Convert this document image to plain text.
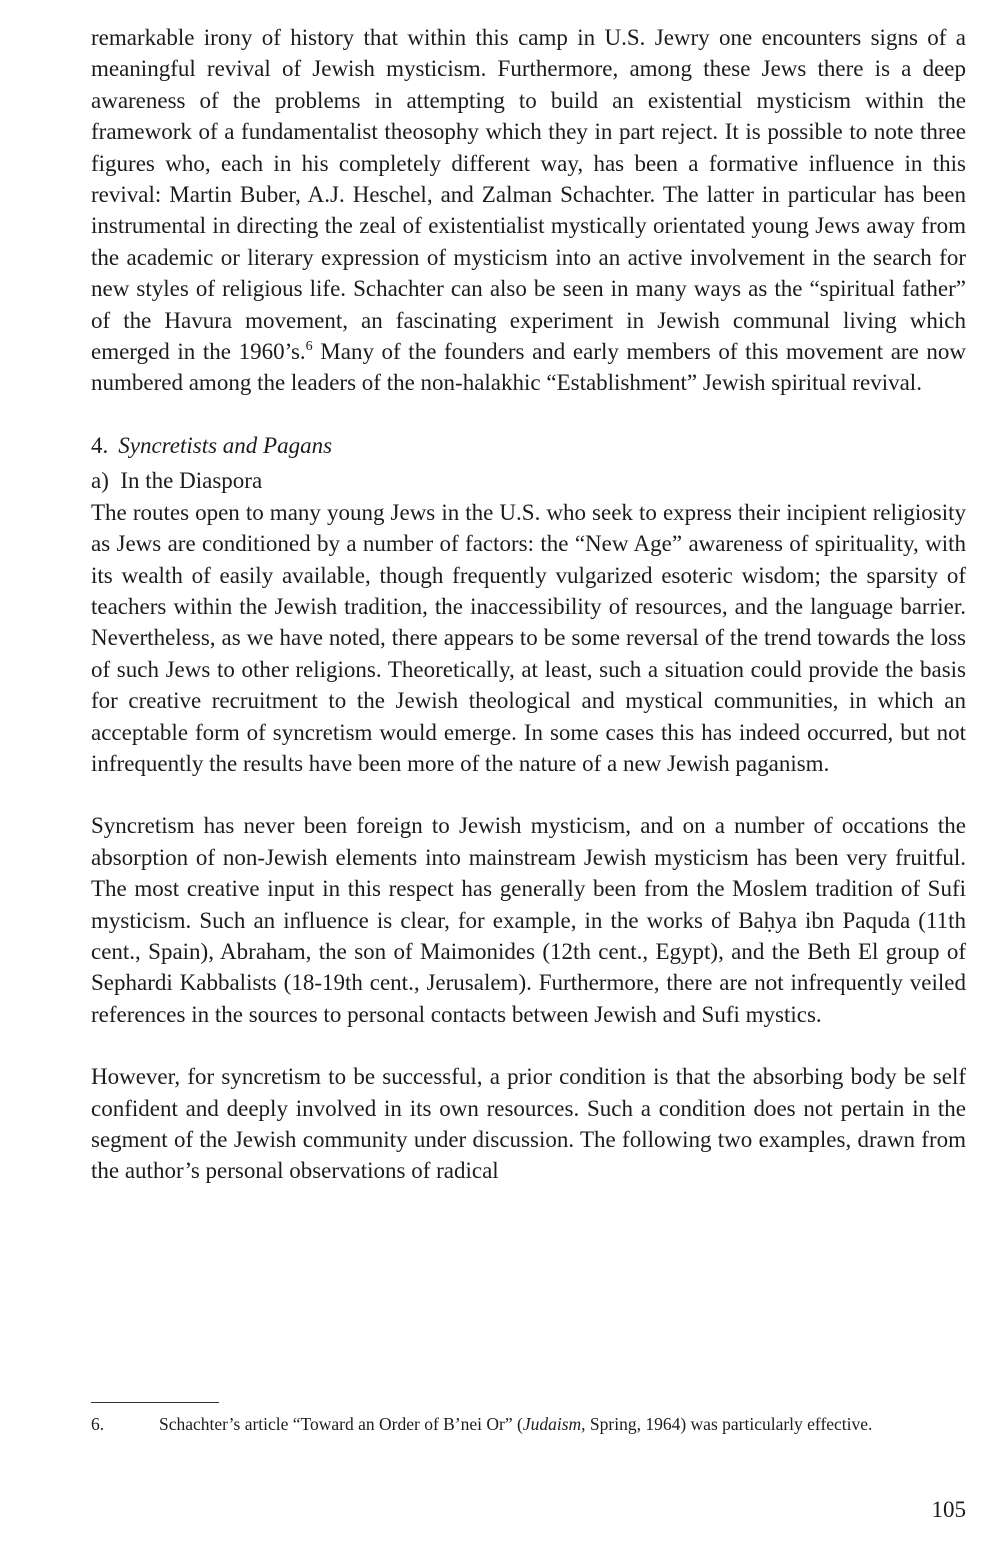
remarkable irony of history that within this camp in U.S. Jewry one encounters signs of a meaningful revival of Jewish mysticism. Furthermore, among these Jews there is a deep awareness of the problems in attempting to build an existential mysticism within the framework of a fundamentalist theosophy which they in part reject. It is possible to note three figures who, each in his completely different way, has been a formative influence in this revival: Martin Buber, A.J. Heschel, and Zalman Schachter. The latter in particular has been instrumental in directing the zeal of existentialist mystically orientated young Jews away from the academic or literary expression of mysticism into an active involvement in the search for new styles of religious life. Schachter can also be seen in many ways as the “spiritual father” of the Havura movement, an fascinating experiment in Jewish communal living which emerged in the 1960’s.$^6$ Many of the founders and early members of this movement are now numbered among the leaders of the non-halakhic “Establishment” Jewish spiritual revival.

4. Syncretists and Pagans

a)  In the Diaspora

The routes open to many young Jews in the U.S. who seek to express their incipient religiosity as Jews are conditioned by a number of factors: the “New Age” awareness of spirituality, with its wealth of easily available, though frequently vulgarized esoteric wisdom; the sparsity of teachers within the Jewish tradition, the inaccessibility of resources, and the language barrier. Nevertheless, as we have noted, there appears to be some reversal of the trend towards the loss of such Jews to other religions. Theoretically, at least, such a situation could provide the basis for creative recruitment to the Jewish theological and mystical communities, in which an acceptable form of syncretism would emerge. In some cases this has indeed occurred, but not infrequently the results have been more of the nature of a new Jewish paganism.

Syncretism has never been foreign to Jewish mysticism, and on a number of occations the absorption of non-Jewish elements into mainstream Jewish mysticism has been very fruitful. The most creative input in this respect has generally been from the Moslem tradition of Sufi mysticism. Such an influence is clear, for example, in the works of Baḥya ibn Paquda (11th cent., Spain), Abraham, the son of Maimonides (12th cent., Egypt), and the Beth El group of Sephardi Kabbalists (18-19th cent., Jerusalem). Furthermore, there are not infrequently veiled references in the sources to personal contacts between Jewish and Sufi mystics.

However, for syncretism to be successful, a prior condition is that the absorbing body be self confident and deeply involved in its own resources. Such a condition does not pertain in the segment of the Jewish community under discussion. The following two examples, drawn from the author’s personal observations of radical

6.	Schachter’s article “Toward an Order of B’nei Or” (Judaism, Spring, 1964) was particularly effective.

105
